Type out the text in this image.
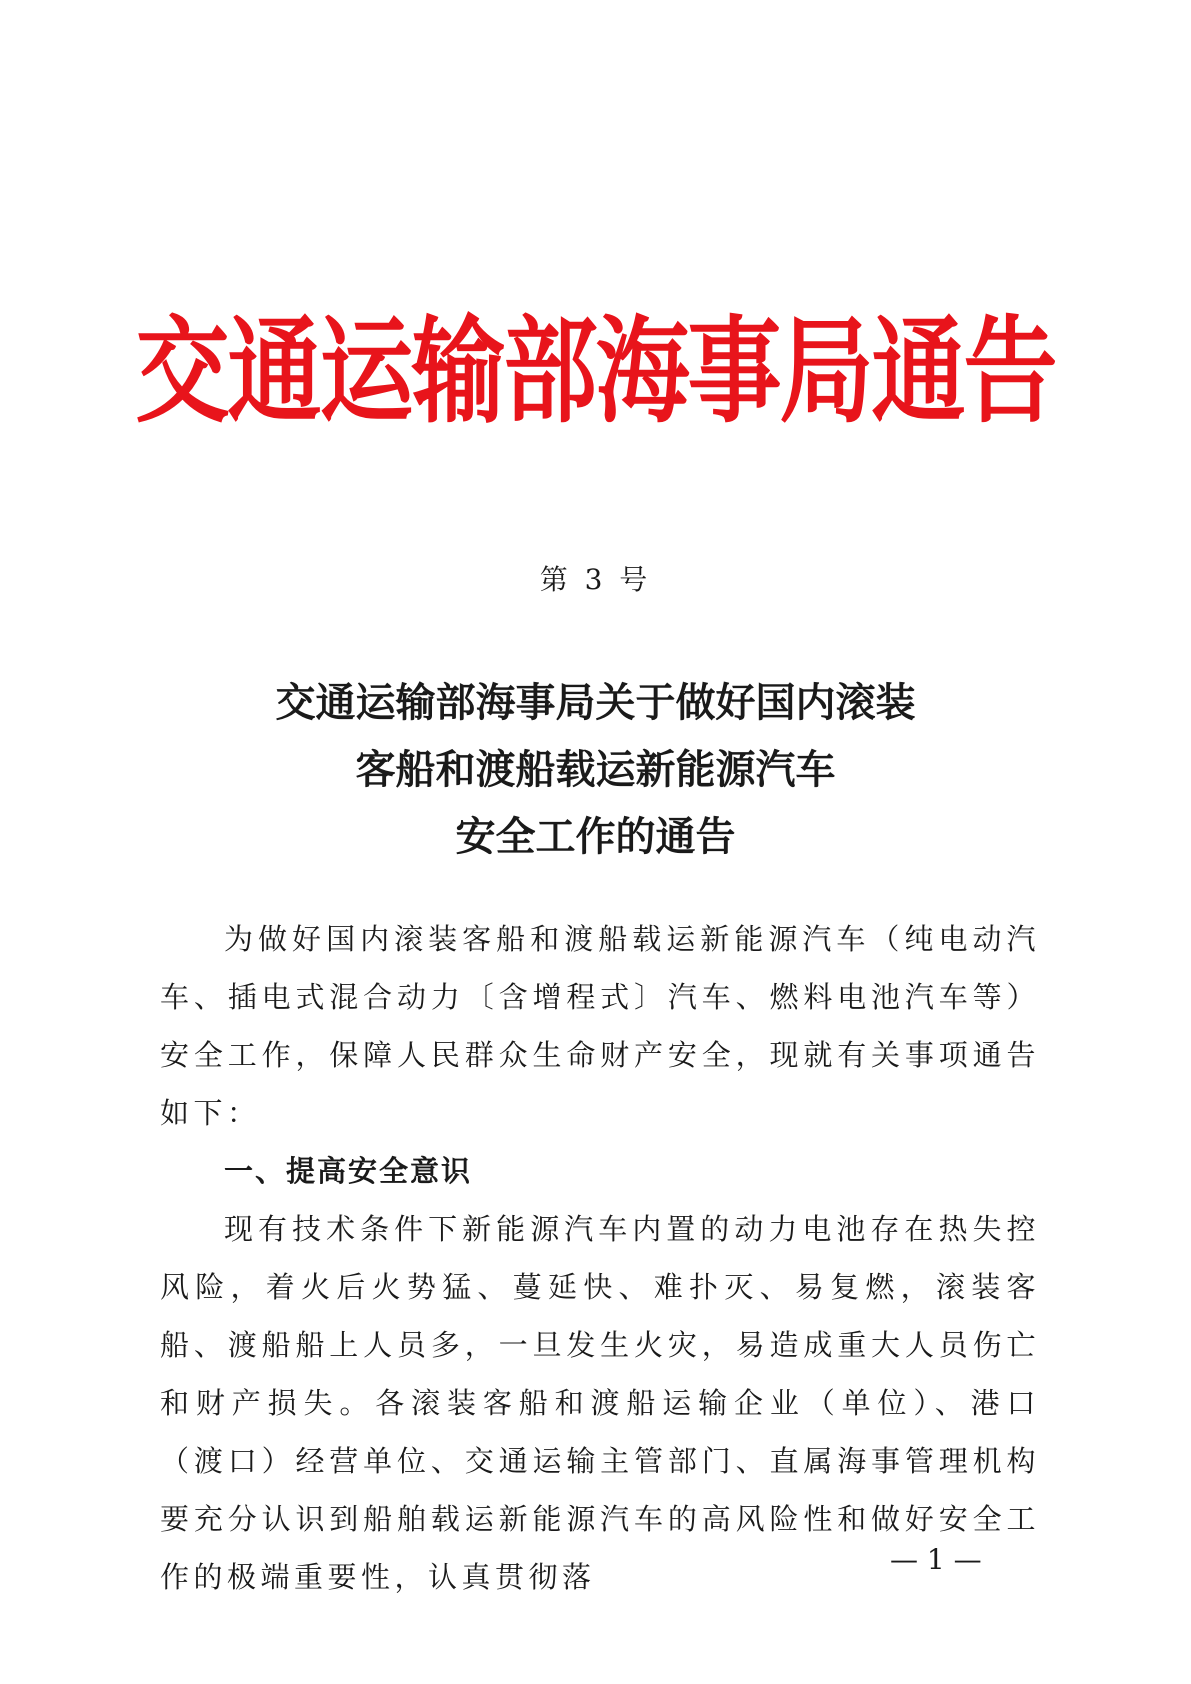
交通运输部海事局通告
第 3 号
交通运输部海事局关于做好国内滚装
客船和渡船载运新能源汽车
安全工作的通告

为做好国内滚装客船和渡船载运新能源汽车（纯电动汽车、插电式混合动力〔含增程式〕汽车、燃料电池汽车等）安全工作，保障人民群众生命财产安全，现就有关事项通告如下：

一、提高安全意识

现有技术条件下新能源汽车内置的动力电池存在热失控风险，着火后火势猛、蔓延快、难扑灭、易复燃，滚装客船、渡船船上人员多，一旦发生火灾，易造成重大人员伤亡和财产损失。各滚装客船和渡船运输企业（单位）、港口（渡口）经营单位、交通运输主管部门、直属海事管理机构要充分认识到船舶载运新能源汽车的高风险性和做好安全工作的极端重要性，认真贯彻落

— 1 —
